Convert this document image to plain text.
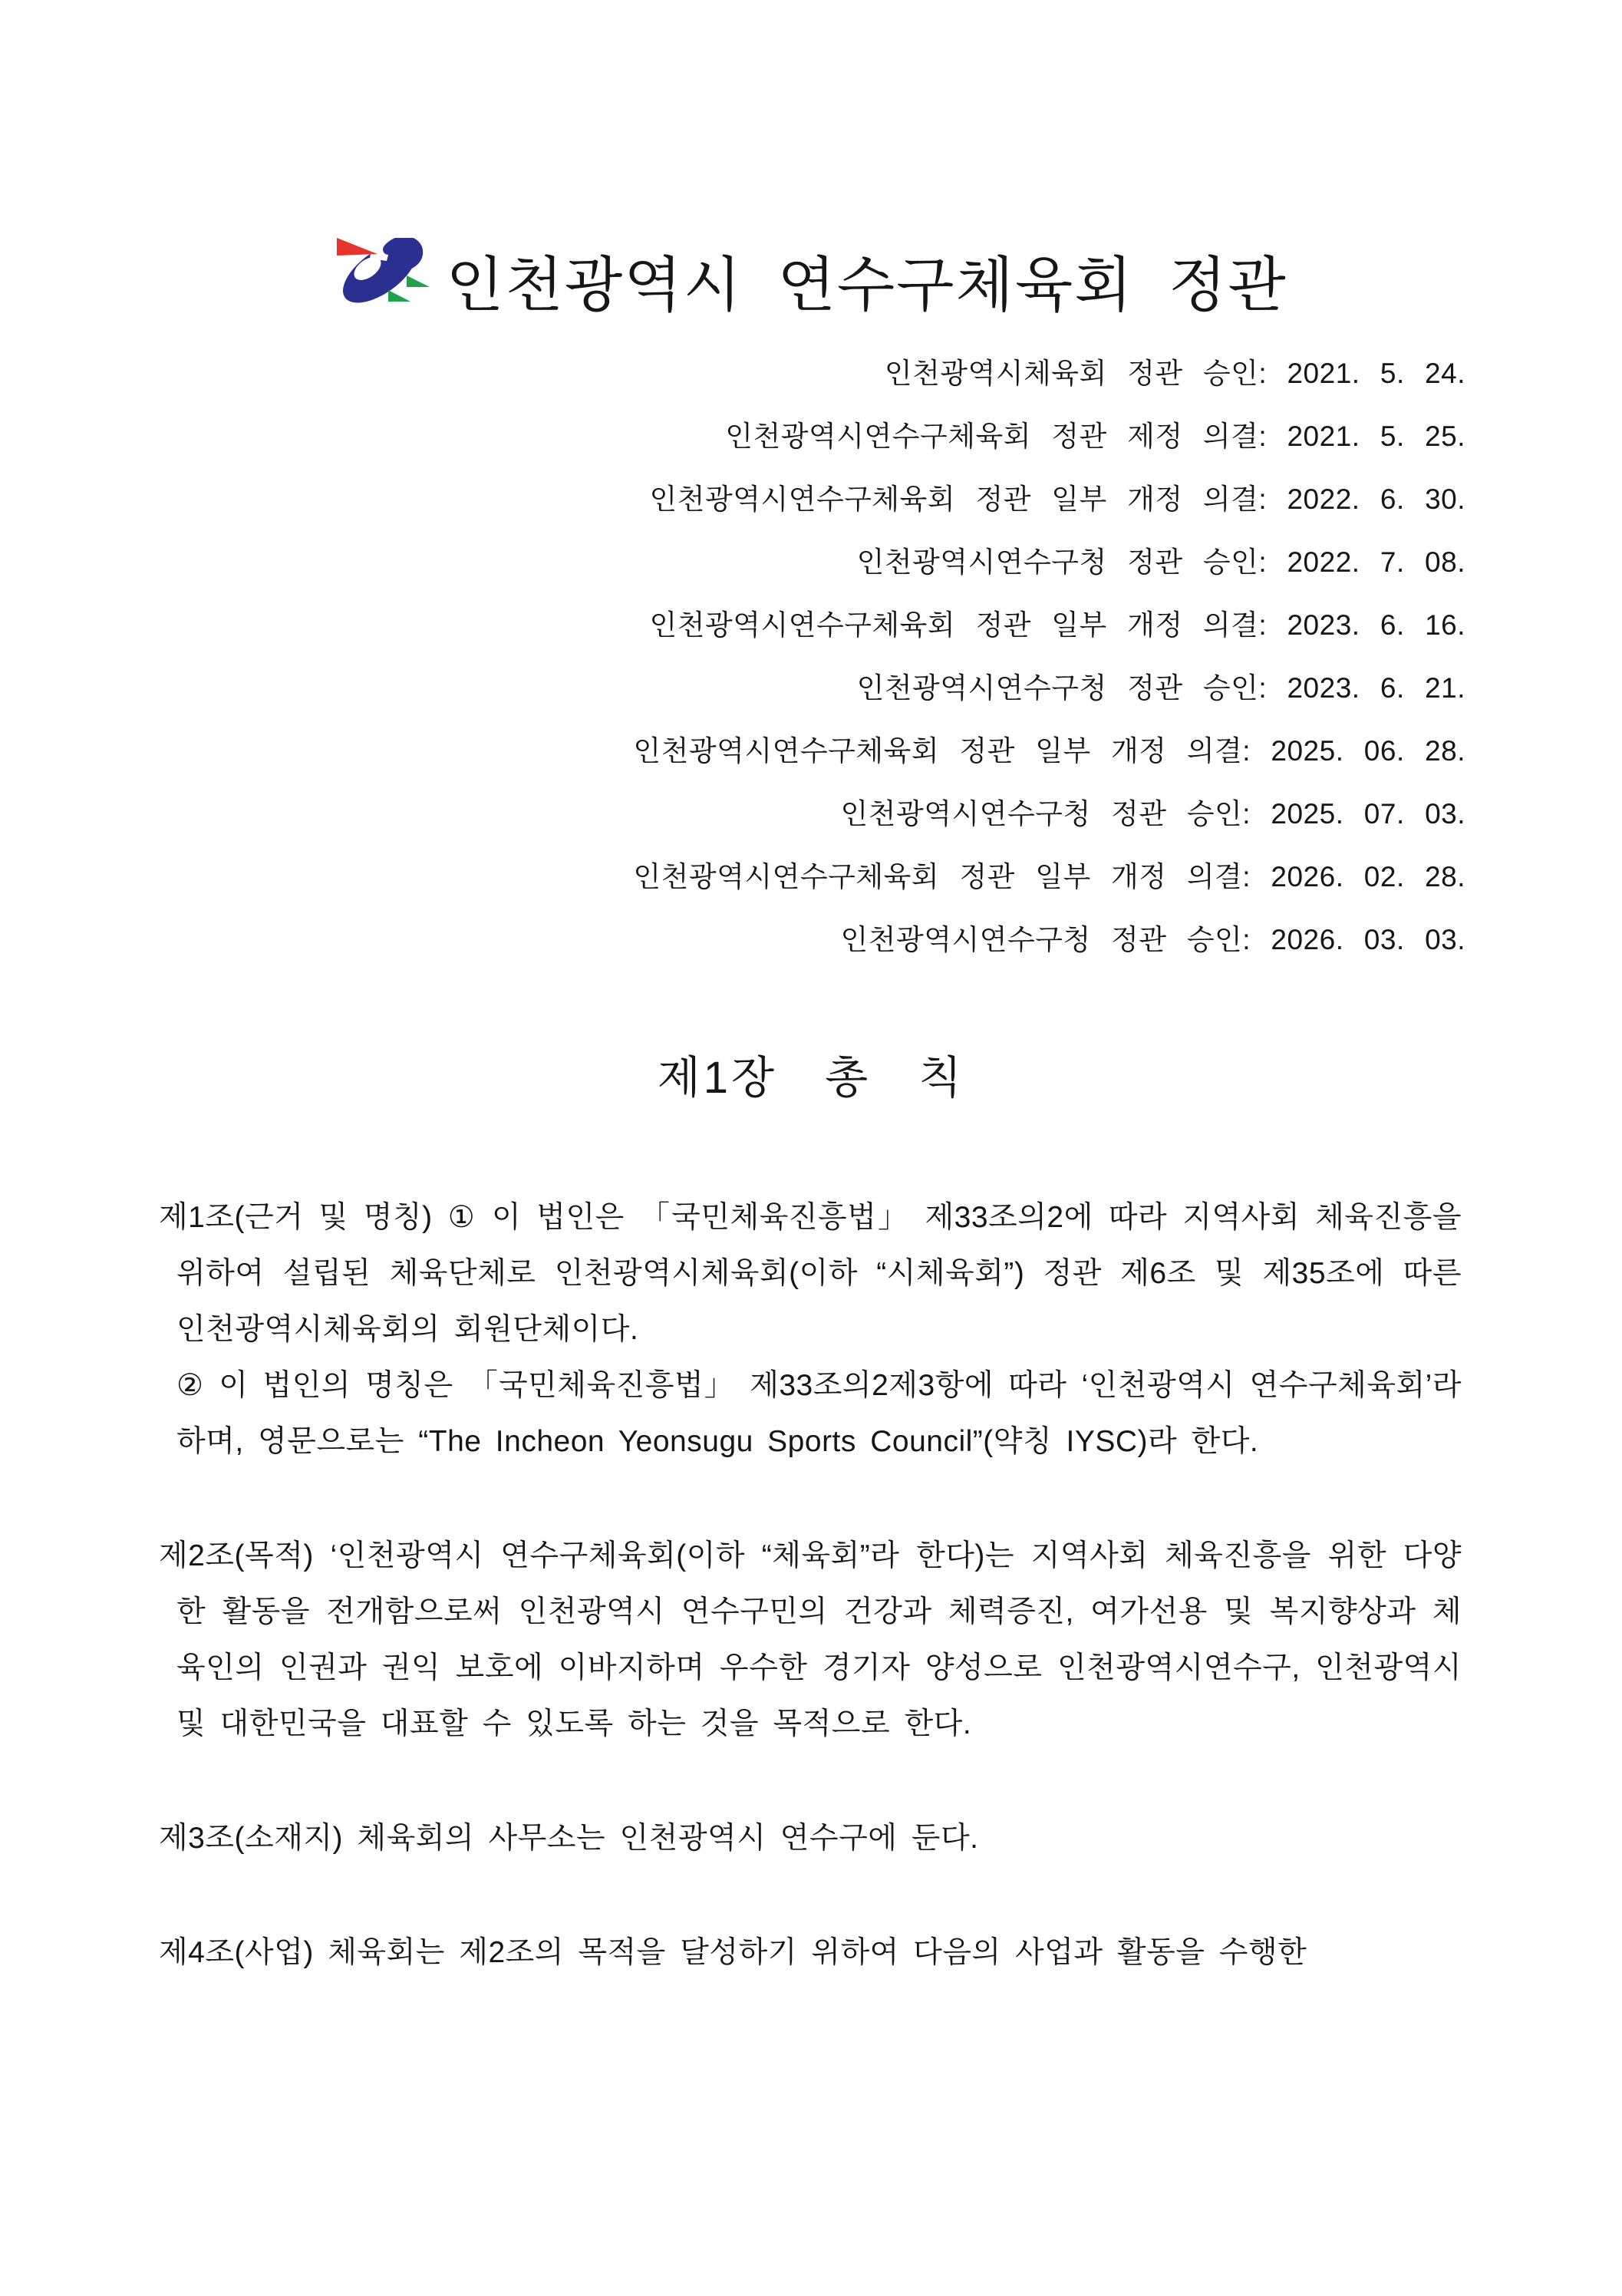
인천광역시 연수구체육회 정관
인천광역시체육회 정관 승인: 2021. 5. 24.
인천광역시연수구체육회 정관 제정 의결: 2021. 5. 25.
인천광역시연수구체육회 정관 일부 개정 의결: 2022. 6. 30.
인천광역시연수구청 정관 승인: 2022. 7. 08.
인천광역시연수구체육회 정관 일부 개정 의결: 2023. 6. 16.
인천광역시연수구청 정관 승인: 2023. 6. 21.
인천광역시연수구체육회 정관 일부 개정 의결: 2025. 06. 28.
인천광역시연수구청 정관 승인: 2025. 07. 03.
인천광역시연수구체육회 정관 일부 개정 의결: 2026. 02. 28.
인천광역시연수구청 정관 승인: 2026. 03. 03.
제1장 총 칙

제1조(근거 및 명칭) ① 이 법인은 「국민체육진흥법」 제33조의2에 따라 지역사회 체육진흥을 위하여 설립된 체육단체로 인천광역시체육회(이하 “시체육회”) 정관 제6조 및 제35조에 따른 인천광역시체육회의 회원단체이다.

② 이 법인의 명칭은 「국민체육진흥법」 제33조의2제3항에 따라 ‘인천광역시 연수구체육회’라 하며, 영문으로는 “The Incheon Yeonsugu Sports Council”(약칭 IYSC)라 한다.

제2조(목적) ‘인천광역시 연수구체육회(이하 “체육회”라 한다)는 지역사회 체육진흥을 위한 다양한 활동을 전개함으로써 인천광역시 연수구민의 건강과 체력증진, 여가선용 및 복지향상과 체육인의 인권과 권익 보호에 이바지하며 우수한 경기자 양성으로 인천광역시연수구, 인천광역시 및 대한민국을 대표할 수 있도록 하는 것을 목적으로 한다.

제3조(소재지) 체육회의 사무소는 인천광역시 연수구에 둔다.

제4조(사업) 체육회는 제2조의 목적을 달성하기 위하여 다음의 사업과 활동을 수행한
